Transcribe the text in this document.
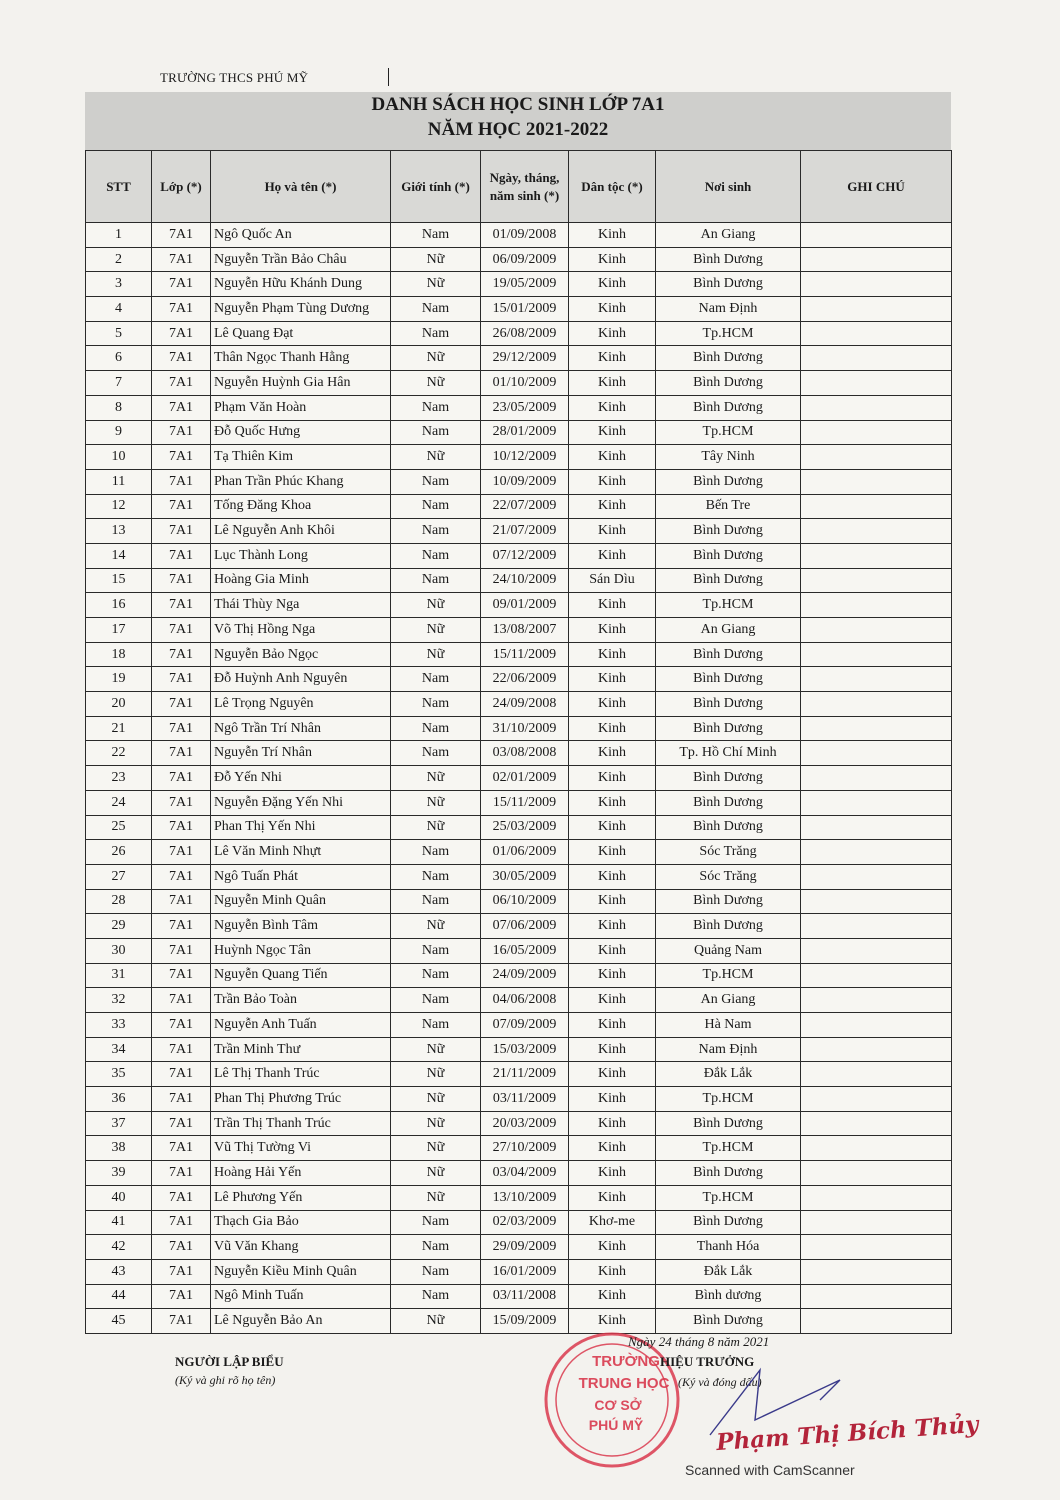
TRƯỜNG THCS PHÚ MỸ
DANH SÁCH HỌC SINH LỚP 7A1
NĂM HỌC 2021-2022
STT	Lớp (*)	Họ và tên (*)	Giới tính (*)	Ngày, tháng, năm sinh (*)	Dân tộc (*)	Nơi sinh	GHI CHÚ
1	7A1	Ngô Quốc An	Nam	01/09/2008	Kinh	An Giang	
2	7A1	Nguyễn Trần Bảo Châu	Nữ	06/09/2009	Kinh	Bình Dương	
3	7A1	Nguyễn Hữu Khánh Dung	Nữ	19/05/2009	Kinh	Bình Dương	
4	7A1	Nguyễn Phạm Tùng Dương	Nam	15/01/2009	Kinh	Nam Định	
5	7A1	Lê Quang Đạt	Nam	26/08/2009	Kinh	Tp.HCM	
6	7A1	Thân Ngọc Thanh Hằng	Nữ	29/12/2009	Kinh	Bình Dương	
7	7A1	Nguyễn Huỳnh Gia Hân	Nữ	01/10/2009	Kinh	Bình Dương	
8	7A1	Phạm Văn Hoàn	Nam	23/05/2009	Kinh	Bình Dương	
9	7A1	Đỗ Quốc Hưng	Nam	28/01/2009	Kinh	Tp.HCM	
10	7A1	Tạ Thiên Kim	Nữ	10/12/2009	Kinh	Tây Ninh	
11	7A1	Phan Trần Phúc Khang	Nam	10/09/2009	Kinh	Bình Dương	
12	7A1	Tống Đăng Khoa	Nam	22/07/2009	Kinh	Bến Tre	
13	7A1	Lê Nguyễn Anh Khôi	Nam	21/07/2009	Kinh	Bình Dương	
14	7A1	Lục Thành Long	Nam	07/12/2009	Kinh	Bình Dương	
15	7A1	Hoàng Gia Minh	Nam	24/10/2009	Sán Dìu	Bình Dương	
16	7A1	Thái Thùy Nga	Nữ	09/01/2009	Kinh	Tp.HCM	
17	7A1	Võ Thị Hồng Nga	Nữ	13/08/2007	Kinh	An Giang	
18	7A1	Nguyễn Bảo Ngọc	Nữ	15/11/2009	Kinh	Bình Dương	
19	7A1	Đỗ Huỳnh Anh Nguyên	Nam	22/06/2009	Kinh	Bình Dương	
20	7A1	Lê Trọng Nguyên	Nam	24/09/2008	Kinh	Bình Dương	
21	7A1	Ngô Trần Trí Nhân	Nam	31/10/2009	Kinh	Bình Dương	
22	7A1	Nguyễn Trí Nhân	Nam	03/08/2008	Kinh	Tp. Hồ Chí Minh	
23	7A1	Đỗ Yến Nhi	Nữ	02/01/2009	Kinh	Bình Dương	
24	7A1	Nguyễn Đặng Yến Nhi	Nữ	15/11/2009	Kinh	Bình Dương	
25	7A1	Phan Thị Yến Nhi	Nữ	25/03/2009	Kinh	Bình Dương	
26	7A1	Lê Văn Minh Nhựt	Nam	01/06/2009	Kinh	Sóc Trăng	
27	7A1	Ngô Tuấn Phát	Nam	30/05/2009	Kinh	Sóc Trăng	
28	7A1	Nguyễn Minh Quân	Nam	06/10/2009	Kinh	Bình Dương	
29	7A1	Nguyễn Bình Tâm	Nữ	07/06/2009	Kinh	Bình Dương	
30	7A1	Huỳnh Ngọc Tân	Nam	16/05/2009	Kinh	Quảng Nam	
31	7A1	Nguyễn Quang Tiến	Nam	24/09/2009	Kinh	Tp.HCM	
32	7A1	Trần Bảo Toàn	Nam	04/06/2008	Kinh	An Giang	
33	7A1	Nguyễn Anh Tuấn	Nam	07/09/2009	Kinh	Hà Nam	
34	7A1	Trần Minh Thư	Nữ	15/03/2009	Kinh	Nam Định	
35	7A1	Lê Thị Thanh Trúc	Nữ	21/11/2009	Kinh	Đắk Lắk	
36	7A1	Phan Thị Phương Trúc	Nữ	03/11/2009	Kinh	Tp.HCM	
37	7A1	Trần Thị Thanh Trúc	Nữ	20/03/2009	Kinh	Bình Dương	
38	7A1	Vũ Thị Tường Vi	Nữ	27/10/2009	Kinh	Tp.HCM	
39	7A1	Hoàng Hải Yến	Nữ	03/04/2009	Kinh	Bình Dương	
40	7A1	Lê Phương Yến	Nữ	13/10/2009	Kinh	Tp.HCM	
41	7A1	Thạch Gia Bảo	Nam	02/03/2009	Khơ-me	Bình Dương	
42	7A1	Vũ Văn Khang	Nam	29/09/2009	Kinh	Thanh Hóa	
43	7A1	Nguyễn Kiều Minh Quân	Nam	16/01/2009	Kinh	Đắk Lắk	
44	7A1	Ngô Minh Tuấn	Nam	03/11/2008	Kinh	Bình dương	
45	7A1	Lê Nguyễn Bảo An	Nữ	15/09/2009	Kinh	Bình Dương	
NGƯỜI LẬP BIỂU
(Ký và ghi rõ họ tên)
TRƯỜNG
TRUNG HỌC
CƠ SỞ
PHÚ MỸ
Ngày 24 tháng 8 năm 2021
HIỆU TRƯỞNG
(Ký và đóng dấu)
Phạm Thị Bích Thủy
Scanned with CamScanner
